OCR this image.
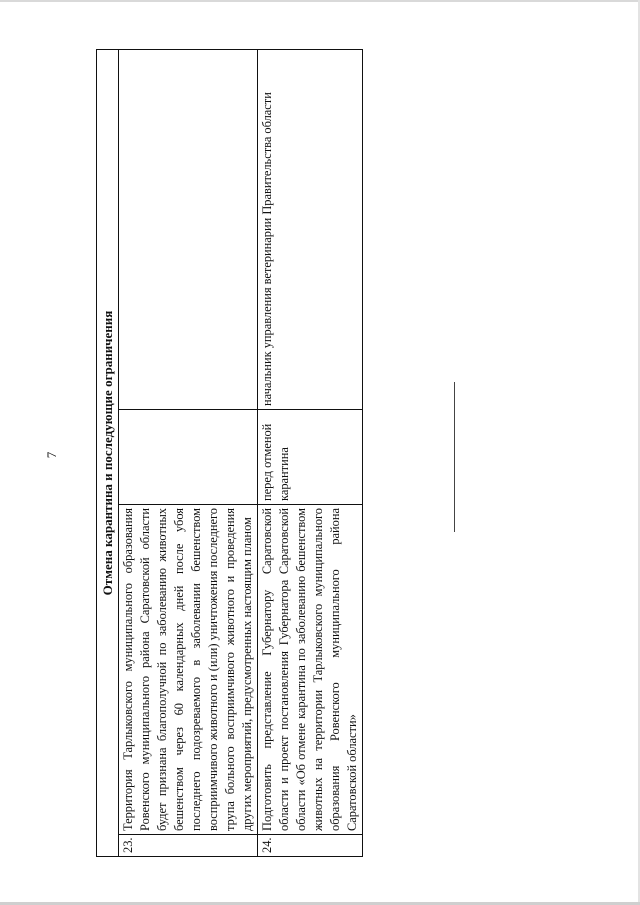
7	Отмена карантина и последующие ограничения			
23.	Территория Тарлыковского муниципального образования Ровенского муниципального района Саратовской области будет признана благополучной по заболеванию животных бешенством через 60 календарных дней после убоя последнего подозреваемого в заболевании бешенством восприимчивого животного и (или) уничтожения последнего трупа больного восприимчивого животного и проведения других мероприятий, предусмотренных настоящим планом		
24.	Подготовить представление Губернатору Саратовской области и проект постановления Губернатора Саратовской области «Об отмене карантина по заболеванию бешенством животных на территории Тарлыковского муниципального образования Ровенского муниципального района Саратовской области»	перед отменой карантина	начальник управления ветеринарии Правительства области
